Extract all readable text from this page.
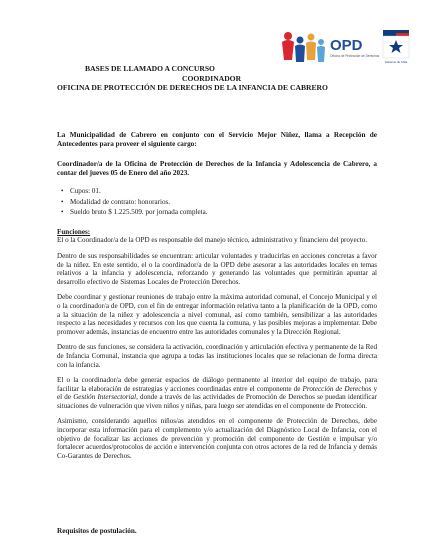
OPD
Oficina de Protección de Derechos
Gobierno de Chile
BASES DE LLAMADO A CONCURSO
COORDINADOR
OFICINA DE PROTECCIÓN DE DERECHOS DE LA INFANCIA DE CABRERO

La Municipalidad de Cabrero en conjunto con el Servicio Mejor Niñez, llama a Recepción de Antecedentes para proveer el siguiente cargo:

Coordinador/a de la Oficina de Protección de Derechos de la Infancia y Adolescencia de Cabrero, a contar del jueves 05 de Enero del año 2023.

• Cupos: 01.
• Modalidad de contrato: honorarios.
• Sueldo bruto $ 1.225.509. por jornada completa.

Funciones:

El o la Coordinador/a de la OPD es responsable del manejo técnico, administrativo y financiero del proyecto.

Dentro de sus responsabilidades se encuentran: articular voluntades y traducirlas en acciones concretas a favor de la niñez. En este sentido, el o la coordinador/a de la OPD debe asesorar a las autoridades locales en temas relativos a la infancia y adolescencia, reforzando y generando las voluntades que permitirán apuntar al desarrollo efectivo de Sistemas Locales de Protección Derechos.

Debe coordinar y gestionar reuniones de trabajo entre la máxima autoridad comunal, el Concejo Municipal y el o la coordinador/a de OPD, con el fin de entregar información relativa tanto a la planificación de la OPD, como a la situación de la niñez y adolescencia a nivel comunal, así como también, sensibilizar a las autoridades respecto a las necesidades y recursos con los que cuenta la comuna, y las posibles mejoras a implementar. Debe promover además, instancias de encuentro entre las autoridades comunales y la Dirección Regional.

Dentro de sus funciones, se considera la activación, coordinación y articulación efectiva y permanente de la Red de Infancia Comunal, instancia que agrupa a todas las instituciones locales que se relacionan de forma directa con la infancia.

El o la coordinador/a debe generar espacios de diálogo permanente al interior del equipo de trabajo, para facilitar la elaboración de estrategias y acciones coordinadas entre el componente de Protección de Derechos y el de Gestión Intersectorial, donde a través de las actividades de Promoción de Derechos se puedan identificar situaciones de vulneración que viven niños y niñas, para luego ser atendidas en el componente de Protección.

Asimismo, considerando aquellos niños/as atendidos en el componente de Protección de Derechos, debe incorporar esta información para el complemento y/o actualización del Diagnóstico Local de Infancia, con el objetivo de focalizar las acciones de prevención y promoción del componente de Gestión e impulsar y/o fortalecer acuerdos/protocolos de acción e intervención conjunta con otros actores de la red de Infancia y demás Co-Garantes de Derechos.

Requisitos de postulación.
